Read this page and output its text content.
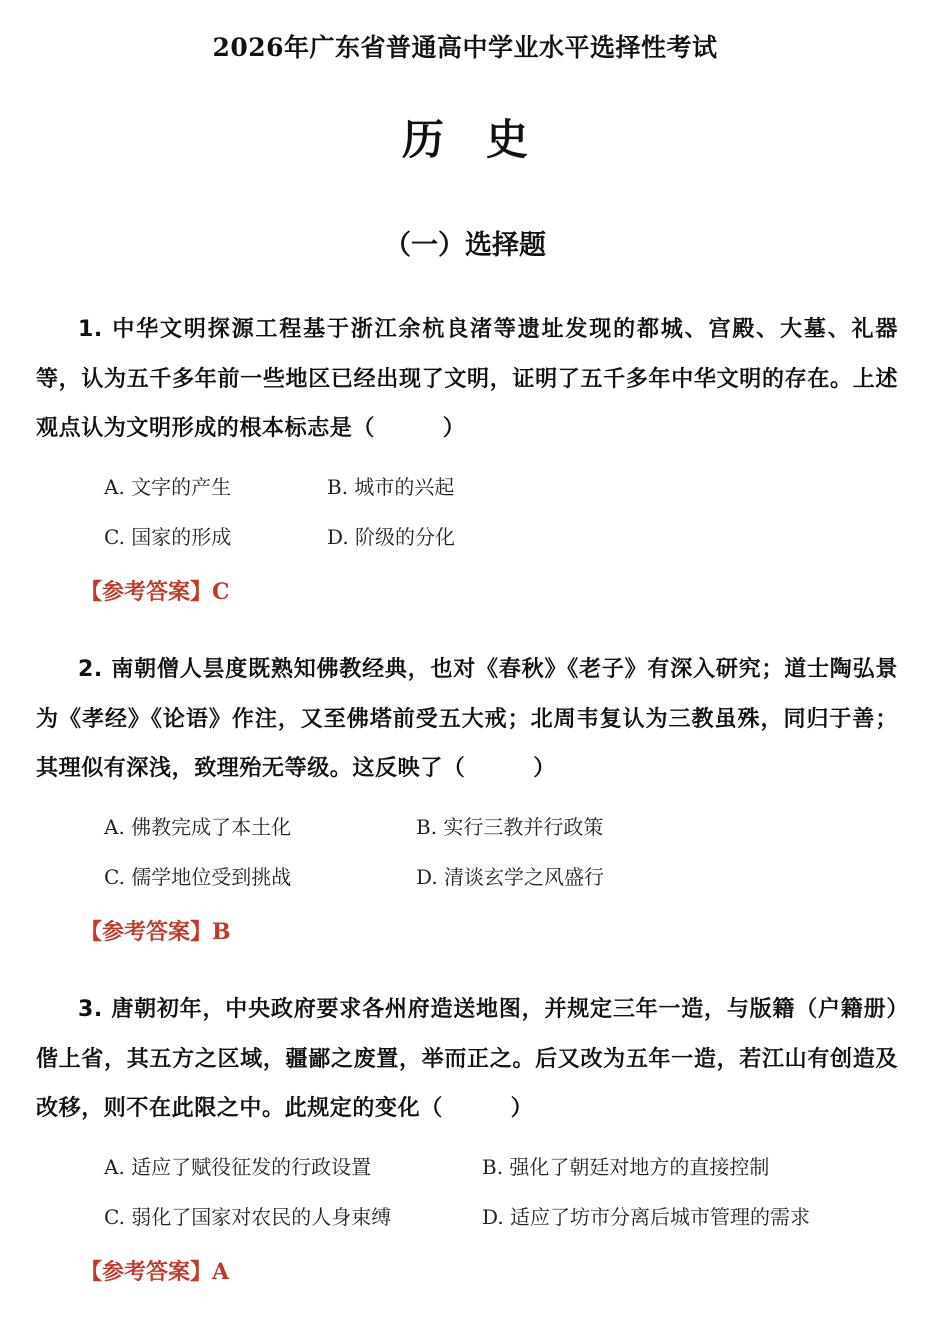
2026年广东省普通高中学业水平选择性考试
历　史
（一）选择题

1. 中华文明探源工程基于浙江余杭良渚等遗址发现的都城、宫殿、大墓、礼器等，认为五千多年前一些地区已经出现了文明，证明了五千多年中华文明的存在。上述观点认为文明形成的根本标志是（　　　）

A. 文字的产生	B. 城市的兴起
C. 国家的形成	D. 阶级的分化
【参考答案】C

2. 南朝僧人昙度既熟知佛教经典，也对《春秋》《老子》有深入研究；道士陶弘景为《孝经》《论语》作注，又至佛塔前受五大戒；北周韦复认为三教虽殊，同归于善；其理似有深浅，致理殆无等级。这反映了（　　　）

A. 佛教完成了本土化	B. 实行三教并行政策
C. 儒学地位受到挑战	D. 清谈玄学之风盛行
【参考答案】B

3. 唐朝初年，中央政府要求各州府造送地图，并规定三年一造，与版籍（户籍册）偕上省，其五方之区域，疆鄙之废置，举而正之。后又改为五年一造，若江山有创造及改移，则不在此限之中。此规定的变化（　　　）

A. 适应了赋役征发的行政设置	B. 强化了朝廷对地方的直接控制
C. 弱化了国家对农民的人身束缚	D. 适应了坊市分离后城市管理的需求
【参考答案】A
